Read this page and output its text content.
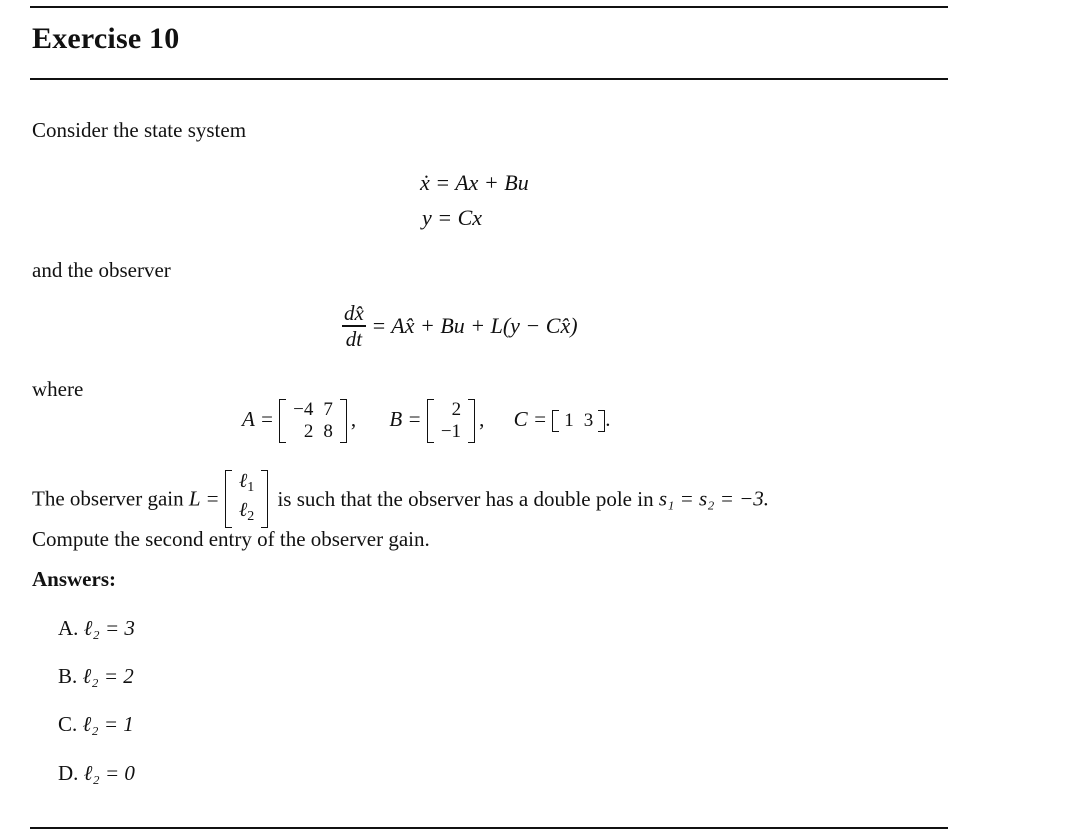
Exercise 10
Consider the state system
ẋ = Ax + Bu
y = Cx
and the observer
$\frac{dx̂}{dt}$ = Ax̂ + Bu + L(y − Cx̂)
where
A = −4	7
2	8
, B = 2
−1
, C = 1	3 .
The observer gain L =
ℓ$_1$
ℓ$_2$
is such that the observer has a double pole in s₁ = s₂ = −3.
Compute the second entry of the observer gain.
Answers:
A. ℓ₂ = 3
B. ℓ₂ = 2
C. ℓ₂ = 1
D. ℓ₂ = 0
